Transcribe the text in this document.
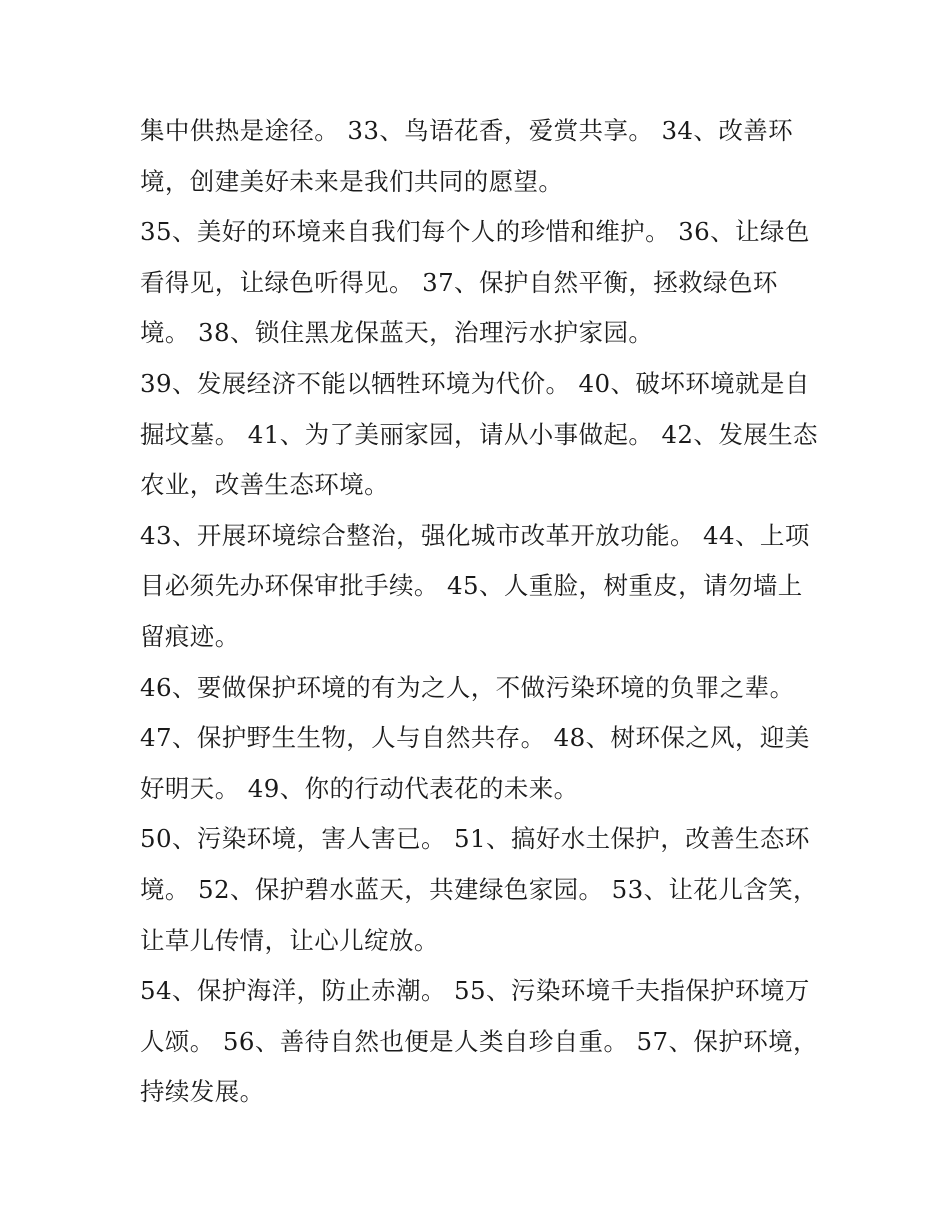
集中供热是途径。 33、鸟语花香，爱赏共享。 34、改善环
境，创建美好未来是我们共同的愿望。
35、美好的环境来自我们每个人的珍惜和维护。 36、让绿色
看得见，让绿色听得见。 37、保护自然平衡，拯救绿色环
境。 38、锁住黑龙保蓝天，治理污水护家园。
39、发展经济不能以牺牲环境为代价。 40、破坏环境就是自
掘坟墓。 41、为了美丽家园，请从小事做起。 42、发展生态
农业，改善生态环境。
43、开展环境综合整治，强化城市改革开放功能。 44、上项
目必须先办环保审批手续。 45、人重脸，树重皮，请勿墙上
留痕迹。
46、要做保护环境的有为之人，不做污染环境的负罪之辈。
47、保护野生生物，人与自然共存。 48、树环保之风，迎美
好明天。 49、你的行动代表花的未来。
50、污染环境，害人害已。 51、搞好水土保护，改善生态环
境。 52、保护碧水蓝天，共建绿色家园。 53、让花儿含笑，
让草儿传情，让心儿绽放。
54、保护海洋，防止赤潮。 55、污染环境千夫指保护环境万
人颂。 56、善待自然也便是人类自珍自重。 57、保护环境，
持续发展。
